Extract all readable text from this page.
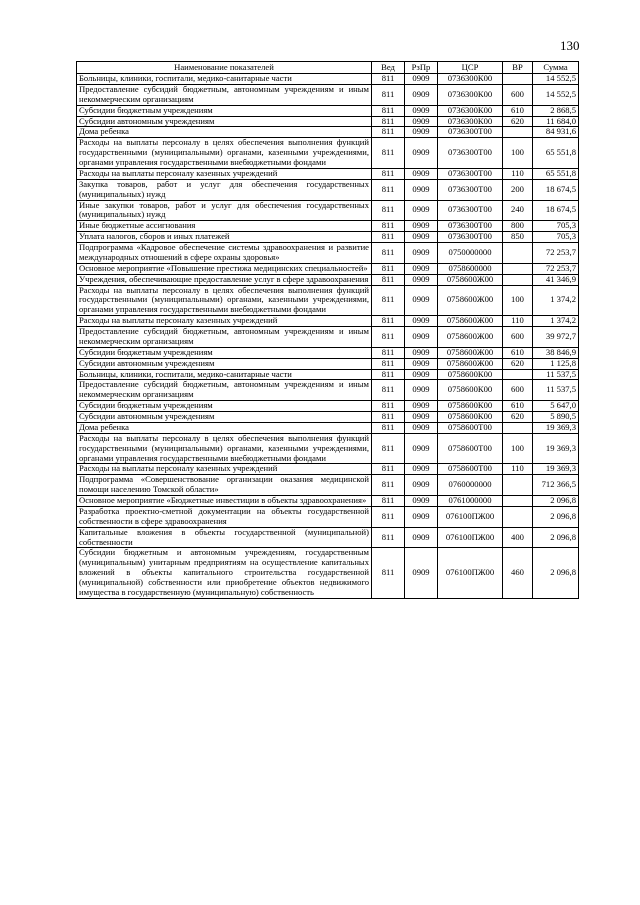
130
Наименование показателей	Вед	РзПр	ЦСР	ВР	Сумма
Больницы, клиники, госпитали, медико-санитарные части	811	0909	0736300К00		14 552,5
Предоставление субсидий бюджетным, автономным учреждениям и иным некоммерческим организациям	811	0909	0736300К00	600	14 552,5
Субсидии бюджетным учреждениям	811	0909	0736300К00	610	2 868,5
Субсидии автономным учреждениям	811	0909	0736300К00	620	11 684,0
Дома ребенка	811	0909	0736300Т00		84 931,6
Расходы на выплаты персоналу в целях обеспечения выполнения функций государственными (муниципальными) органами, казенными учреждениями, органами управления государственными внебюджетными фондами	811	0909	0736300Т00	100	65 551,8
Расходы на выплаты персоналу казенных учреждений	811	0909	0736300Т00	110	65 551,8
Закупка товаров, работ и услуг для обеспечения государственных (муниципальных) нужд	811	0909	0736300Т00	200	18 674,5
Иные закупки товаров, работ и услуг для обеспечения государственных (муниципальных) нужд	811	0909	0736300Т00	240	18 674,5
Иные бюджетные ассигнования	811	0909	0736300Т00	800	705,3
Уплата налогов, сборов и иных платежей	811	0909	0736300Т00	850	705,3
Подпрограмма «Кадровое обеспечение системы здравоохранения и развитие международных отношений в сфере охраны здоровья»	811	0909	0750000000		72 253,7
Основное мероприятие «Повышение престижа медицинских специальностей»	811	0909	0758600000		72 253,7
Учреждения, обеспечивающие предоставление услуг в сфере здравоохранения	811	0909	0758600Ж00		41 346,9
Расходы на выплаты персоналу в целях обеспечения выполнения функций государственными (муниципальными) органами, казенными учреждениями, органами управления государственными внебюджетными фондами	811	0909	0758600Ж00	100	1 374,2
Расходы на выплаты персоналу казенных учреждений	811	0909	0758600Ж00	110	1 374,2
Предоставление субсидий бюджетным, автономным учреждениям и иным некоммерческим организациям	811	0909	0758600Ж00	600	39 972,7
Субсидии бюджетным учреждениям	811	0909	0758600Ж00	610	38 846,9
Субсидии автономным учреждениям	811	0909	0758600Ж00	620	1 125,8
Больницы, клиники, госпитали, медико-санитарные части	811	0909	0758600К00		11 537,5
Предоставление субсидий бюджетным, автономным учреждениям и иным некоммерческим организациям	811	0909	0758600К00	600	11 537,5
Субсидии бюджетным учреждениям	811	0909	0758600К00	610	5 647,0
Субсидии автономным учреждениям	811	0909	0758600К00	620	5 890,5
Дома ребенка	811	0909	0758600Т00		19 369,3
Расходы на выплаты персоналу в целях обеспечения выполнения функций государственными (муниципальными) органами, казенными учреждениями, органами управления государственными внебюджетными фондами	811	0909	0758600Т00	100	19 369,3
Расходы на выплаты персоналу казенных учреждений	811	0909	0758600Т00	110	19 369,3
Подпрограмма «Совершенствование организации оказания медицинской помощи населению Томской области»	811	0909	0760000000		712 366,5
Основное мероприятие «Бюджетные инвестиции в объекты здравоохранения»	811	0909	0761000000		2 096,8
Разработка проектно-сметной документации на объекты государственной собственности в сфере здравоохранения	811	0909	076100ПЖ00		2 096,8
Капитальные вложения в объекты государственной (муниципальной) собственности	811	0909	076100ПЖ00	400	2 096,8
Субсидии бюджетным и автономным учреждениям, государственным (муниципальным) унитарным предприятиям на осуществление капитальных вложений в объекты капитального строительства государственной (муниципальной) собственности или приобретение объектов недвижимого имущества в государственную (муниципальную) собственность	811	0909	076100ПЖ00	460	2 096,8
